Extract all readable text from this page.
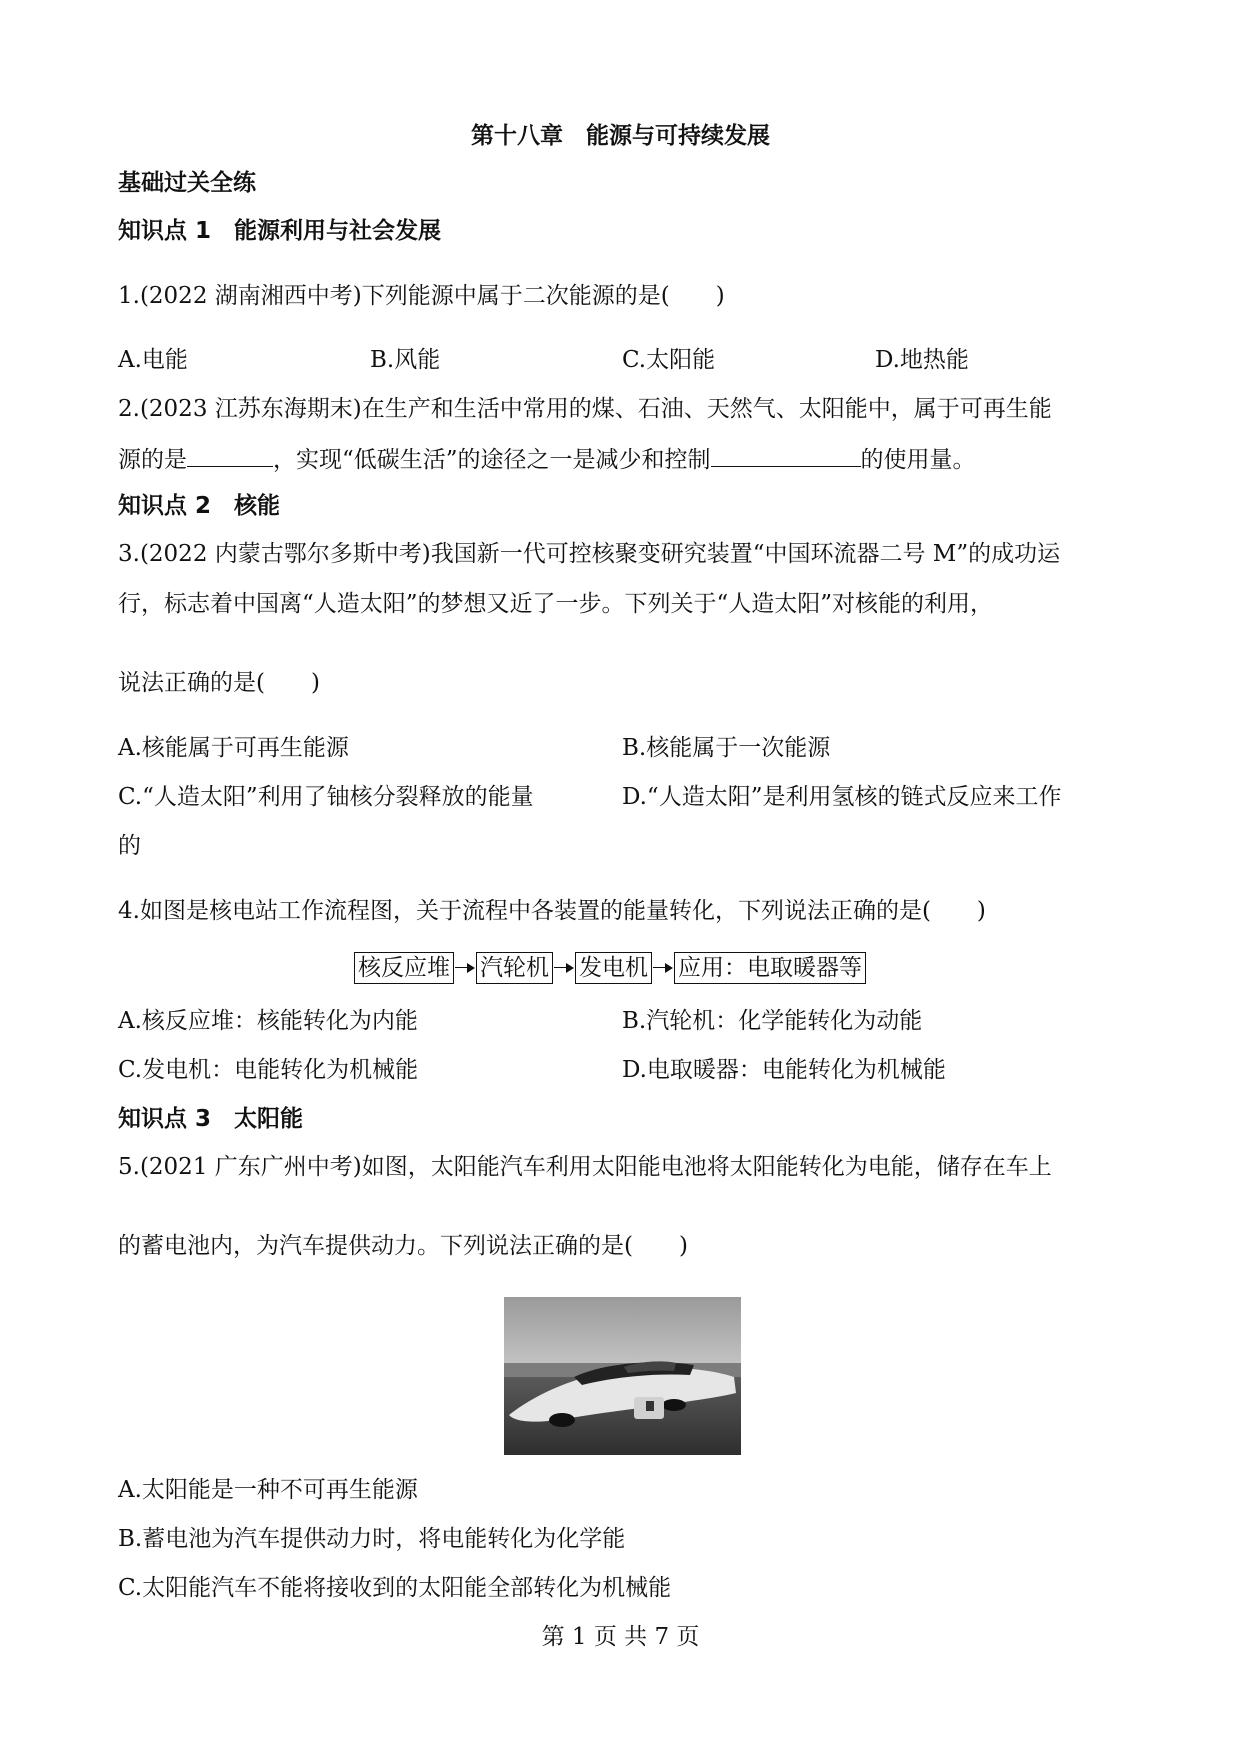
第十八章　能源与可持续发展
基础过关全练
知识点 1　能源利用与社会发展
1.(2022 湖南湘西中考)下列能源中属于二次能源的是(　　)
A.电能	B.风能	C.太阳能	D.地热能
2.(2023 江苏东海期末)在生产和生活中常用的煤、石油、天然气、太阳能中，属于可再生能
源的是	，实现“低碳生活”的途径之一是减少和控制	的使用量。
知识点 2　核能
3.(2022 内蒙古鄂尔多斯中考)我国新一代可控核聚变研究装置“中国环流器二号 M”的成功运
行，标志着中国离“人造太阳”的梦想又近了一步。下列关于“人造太阳”对核能的利用，
说法正确的是(　　)
A.核能属于可再生能源	B.核能属于一次能源
C.“人造太阳”利用了铀核分裂释放的能量	D.“人造太阳”是利用氢核的链式反应来工作
的
4.如图是核电站工作流程图，关于流程中各装置的能量转化，下列说法正确的是(　　)
核反应堆 汽轮机 发电机 应用：电取暖器等
A.核反应堆：核能转化为内能	B.汽轮机：化学能转化为动能
C.发电机：电能转化为机械能	D.电取暖器：电能转化为机械能
知识点 3　太阳能
5.(2021 广东广州中考)如图，太阳能汽车利用太阳能电池将太阳能转化为电能，储存在车上
的蓄电池内，为汽车提供动力。下列说法正确的是(　　)
A.太阳能是一种不可再生能源
B.蓄电池为汽车提供动力时，将电能转化为化学能
C.太阳能汽车不能将接收到的太阳能全部转化为机械能
第 1 页 共 7 页
